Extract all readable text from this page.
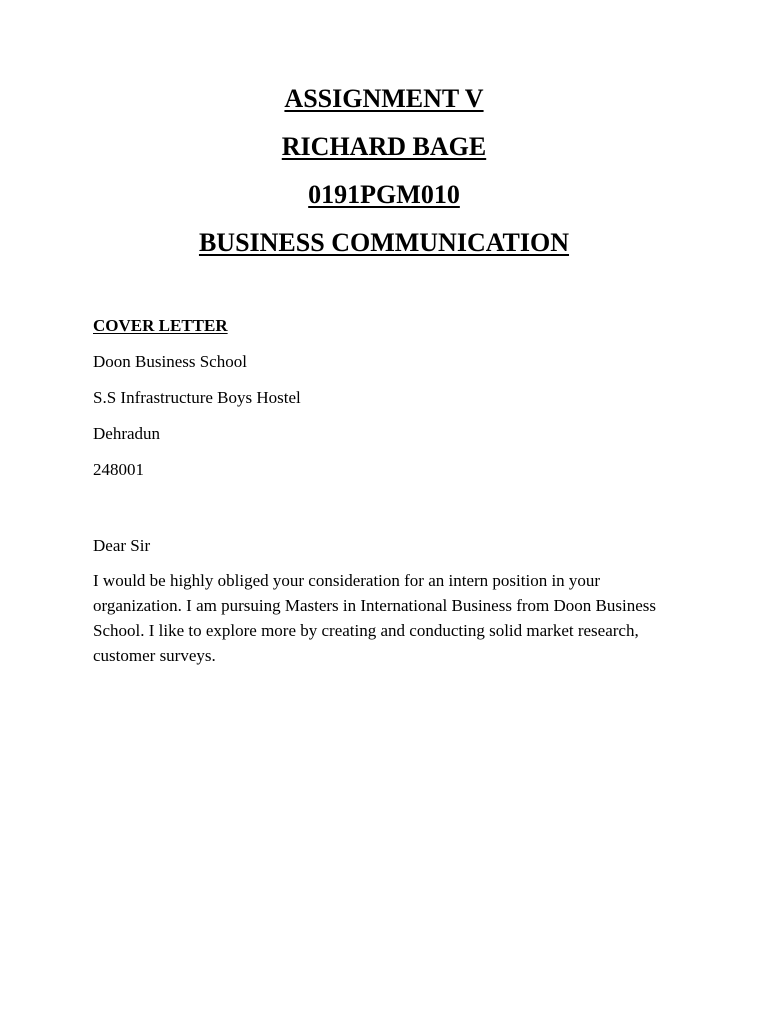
ASSIGNMENT V
RICHARD BAGE
0191PGM010
BUSINESS COMMUNICATION
COVER LETTER
Doon Business School
S.S Infrastructure Boys Hostel
Dehradun
248001

Dear Sir

I would be highly obliged your consideration for an intern position in your organization. I am pursuing Masters in International Business from Doon Business School. I like to explore more by creating and conducting solid market research, customer surveys.
